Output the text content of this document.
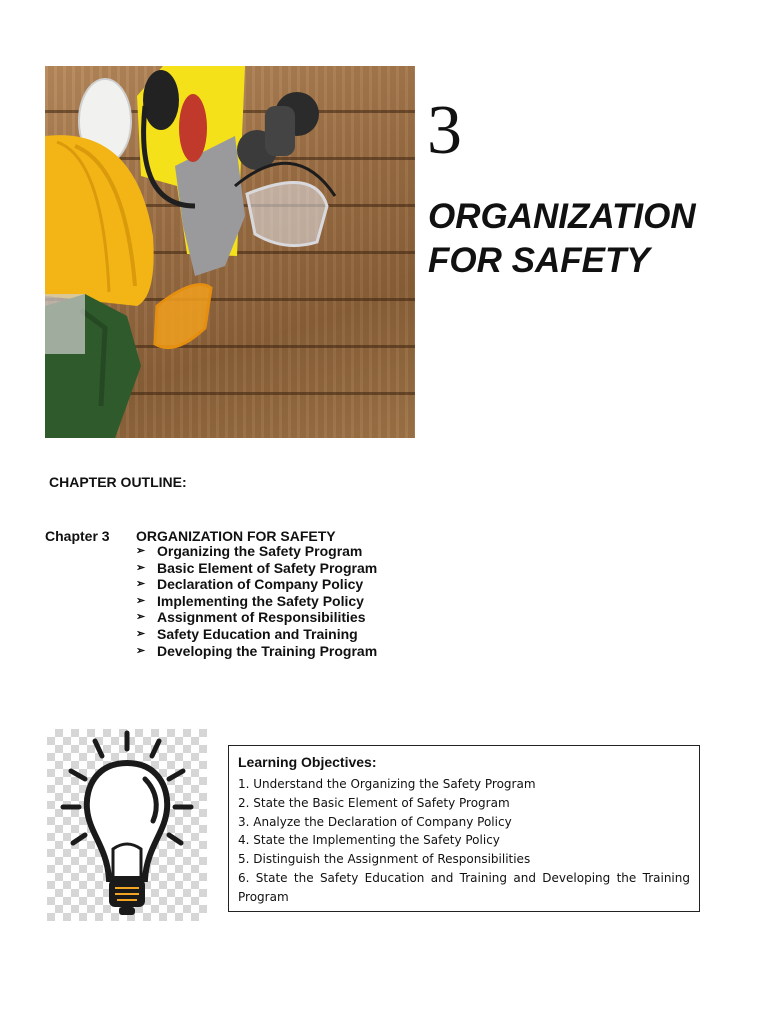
3
ORGANIZATION FOR SAFETY
CHAPTER OUTLINE:
Chapter 3 ORGANIZATION FOR SAFETY
➢ Organizing the Safety Program
➢ Basic Element of Safety Program
➢ Declaration of Company Policy
➢ Implementing the Safety Policy
➢ Assignment of Responsibilities
➢ Safety Education and Training
➢ Developing the Training Program
Learning Objectives:
1. Understand the Organizing the Safety Program
2. State the Basic Element of Safety Program
3. Analyze the Declaration of Company Policy
4. State the Implementing the Safety Policy
5. Distinguish the Assignment of Responsibilities
6. State the Safety Education and Training and Developing the Training Program
